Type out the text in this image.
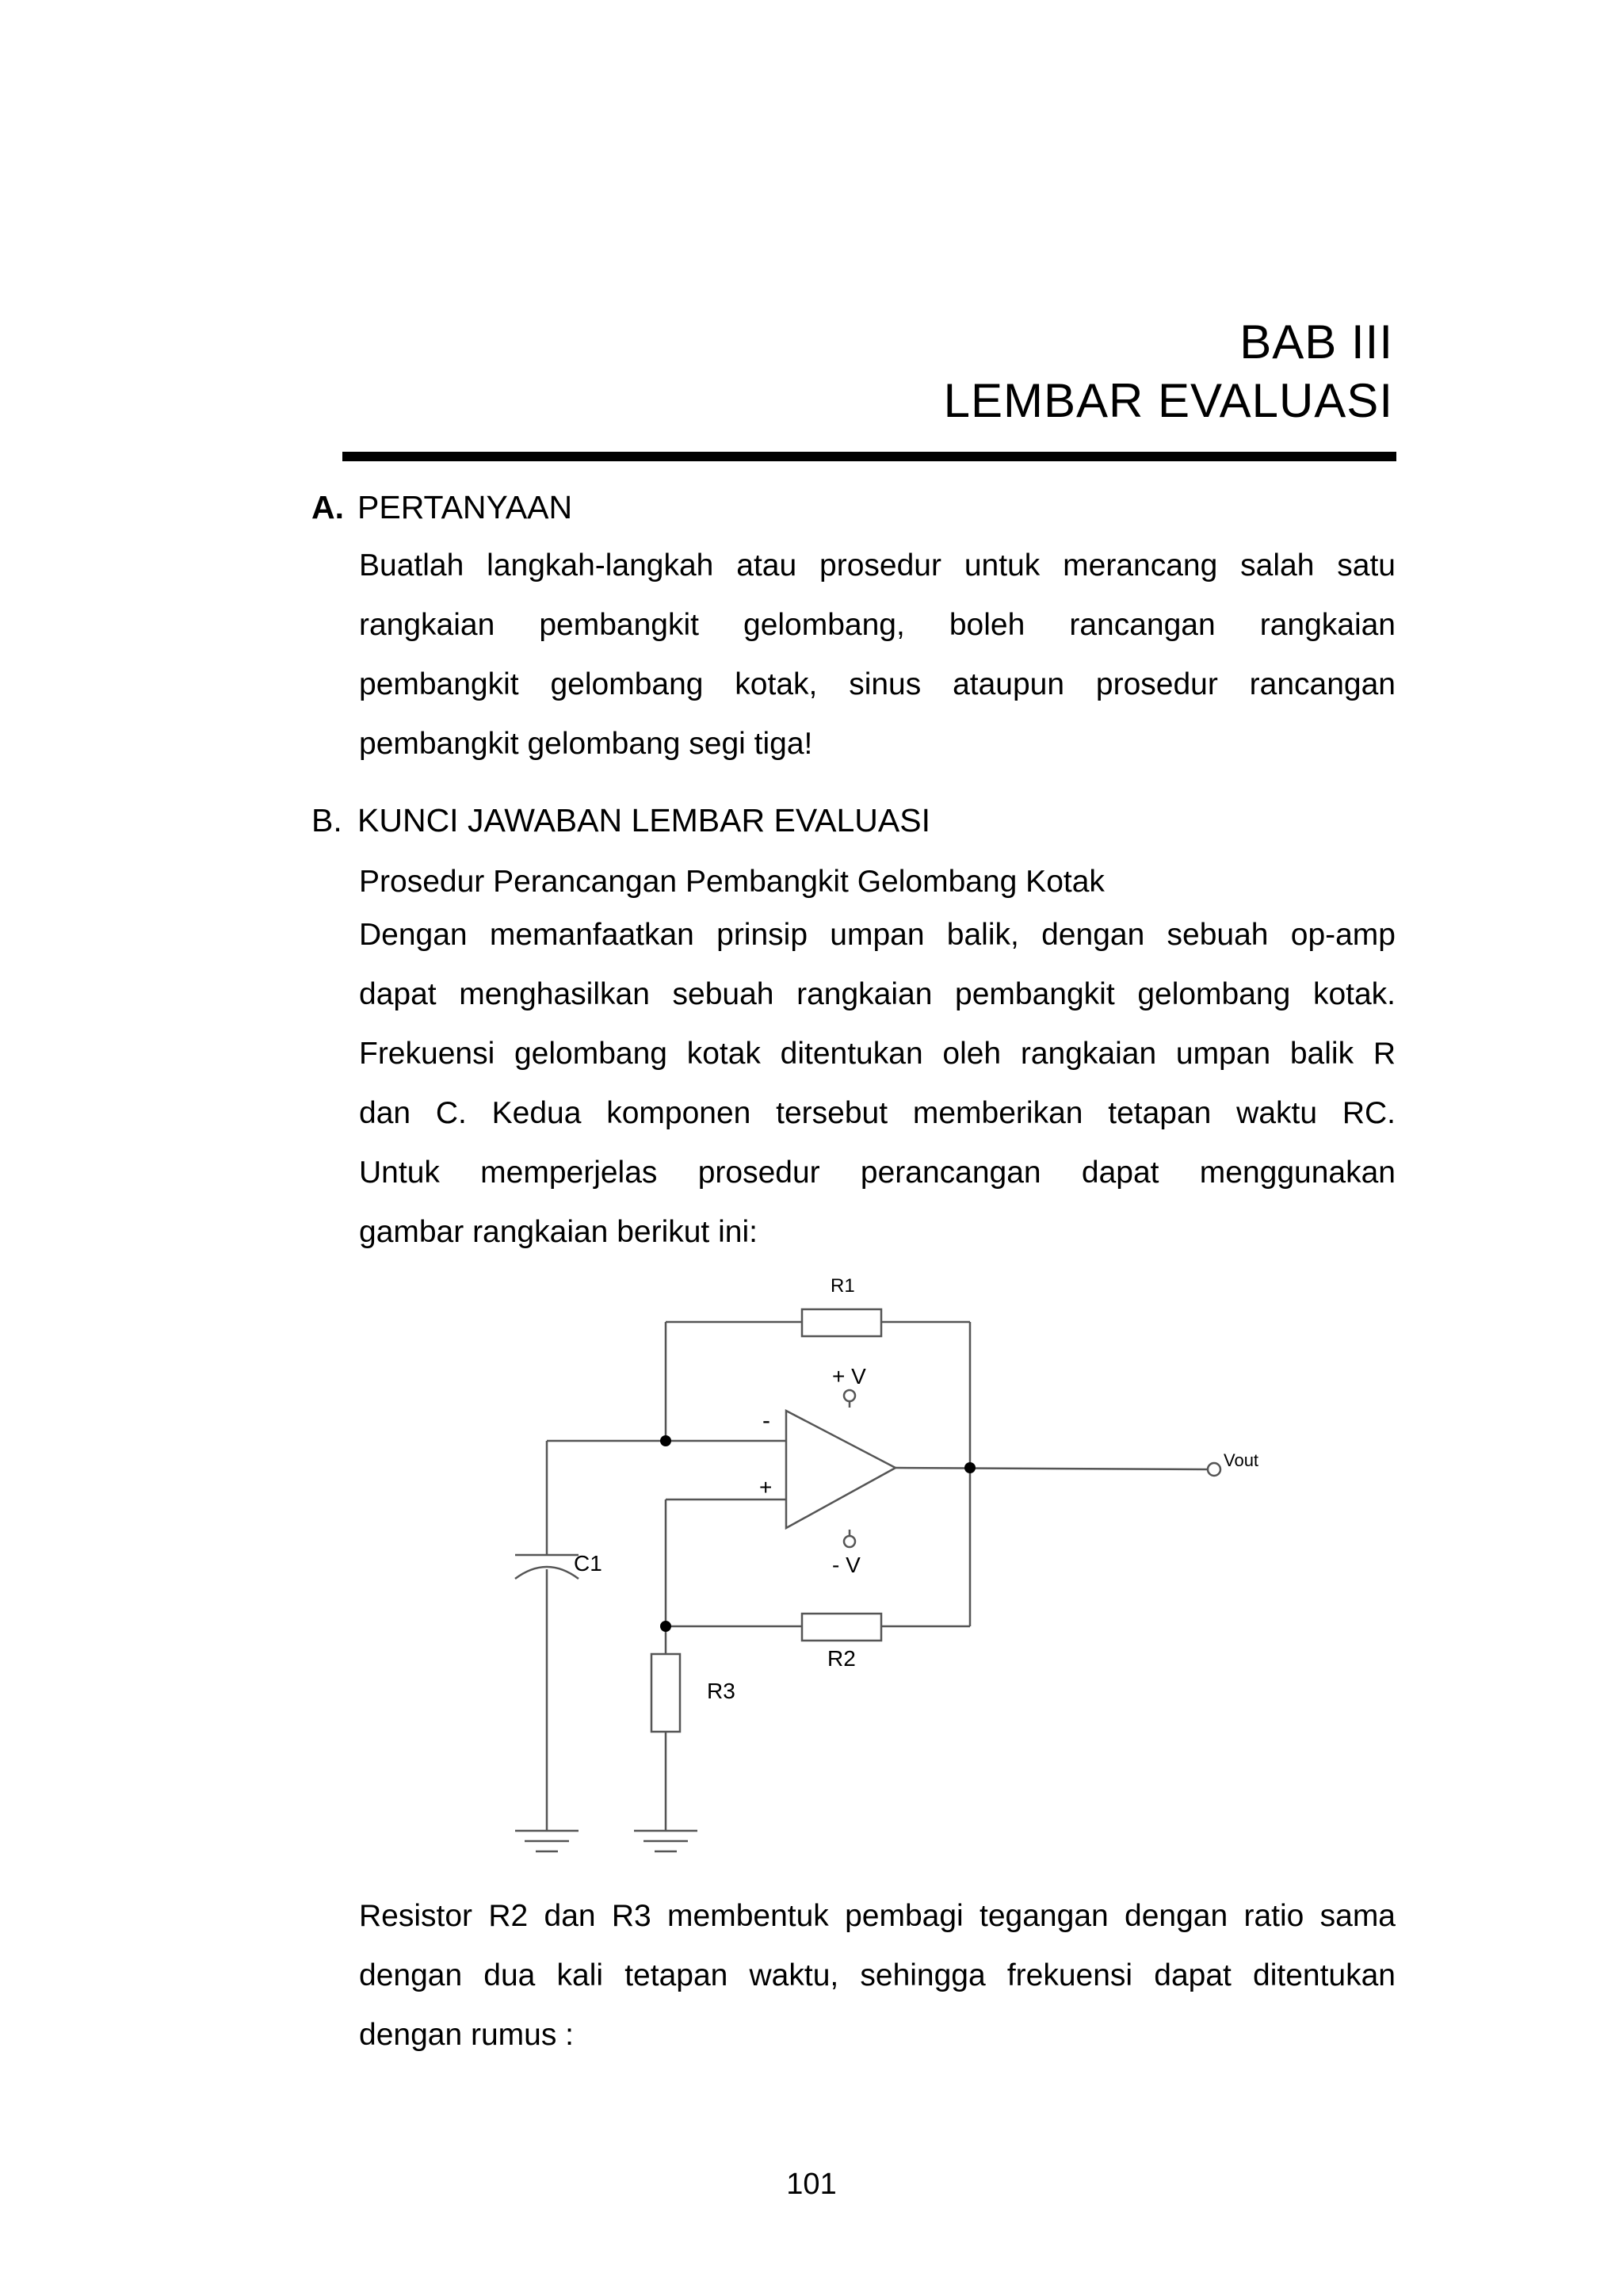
BAB III
LEMBAR EVALUASI
A. PERTANYAAN
Buatlah langkah-langkah atau prosedur untuk merancang salah satu
rangkaian pembangkit gelombang, boleh rancangan rangkaian
pembangkit gelombang kotak, sinus ataupun prosedur rancangan
pembangkit gelombang segi tiga!
B. KUNCI JAWABAN LEMBAR EVALUASI
Prosedur Perancangan Pembangkit Gelombang Kotak
Dengan memanfaatkan prinsip umpan balik, dengan sebuah op-amp
dapat menghasilkan sebuah rangkaian pembangkit gelombang kotak.
Frekuensi gelombang kotak ditentukan oleh rangkaian umpan balik R
dan C. Kedua komponen tersebut memberikan tetapan waktu RC.
Untuk memperjelas prosedur perancangan dapat menggunakan
gambar rangkaian berikut ini:
R1
R2
R3
C1
+ V
- V
-
+
Vout
Resistor R2 dan R3 membentuk pembagi tegangan dengan ratio sama
dengan dua kali tetapan waktu, sehingga frekuensi dapat ditentukan
dengan rumus :
101
